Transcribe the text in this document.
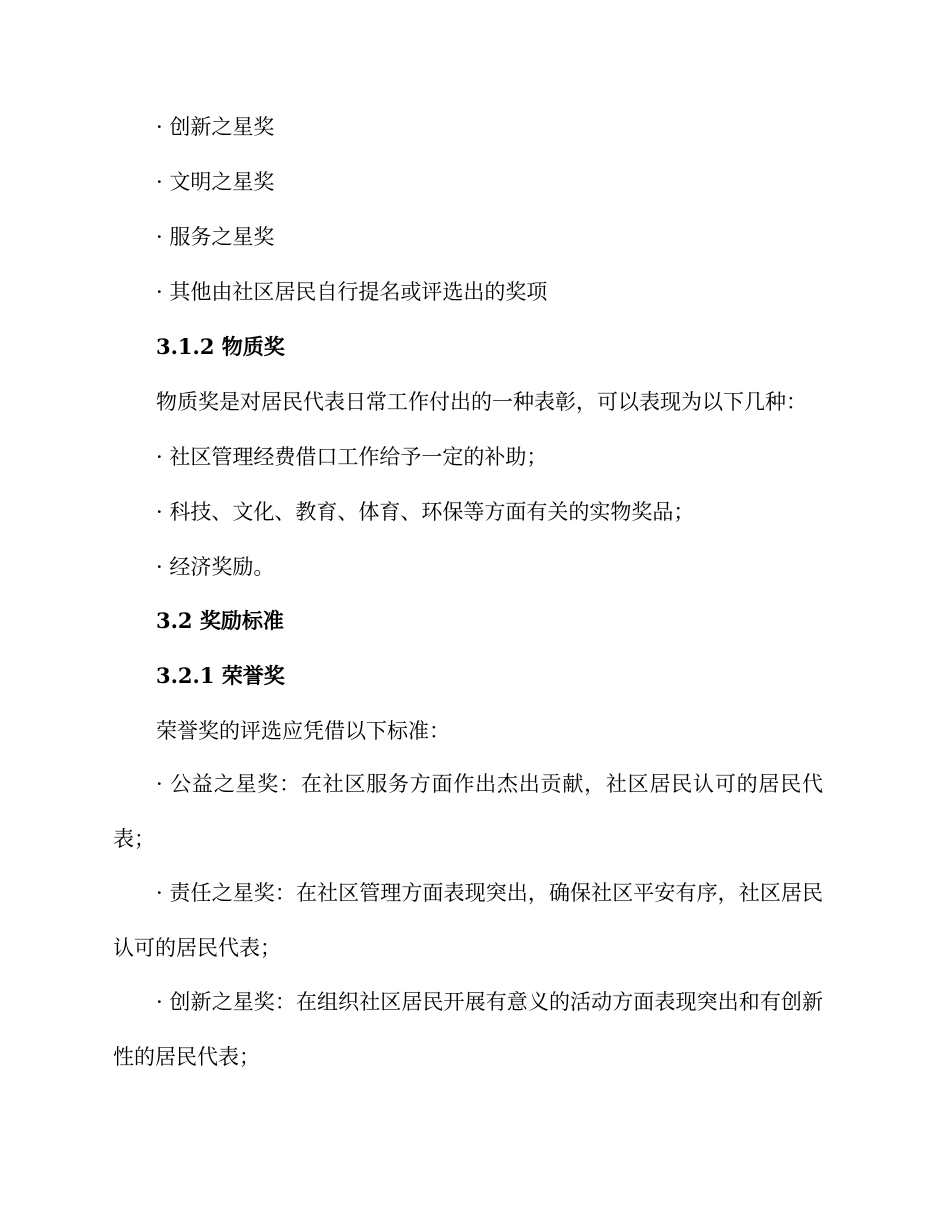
· 创新之星奖
· 文明之星奖
· 服务之星奖
· 其他由社区居民自行提名或评选出的奖项
3.1.2 物质奖
物质奖是对居民代表日常工作付出的一种表彰，可以表现为以下几种：
· 社区管理经费借口工作给予一定的补助；
· 科技、文化、教育、体育、环保等方面有关的实物奖品；
· 经济奖励。
3.2 奖励标准
3.2.1 荣誉奖
荣誉奖的评选应凭借以下标准：
· 公益之星奖：在社区服务方面作出杰出贡献，社区居民认可的居民代表；
· 责任之星奖：在社区管理方面表现突出，确保社区平安有序，社区居民认可的居民代表；
· 创新之星奖：在组织社区居民开展有意义的活动方面表现突出和有创新性的居民代表；
